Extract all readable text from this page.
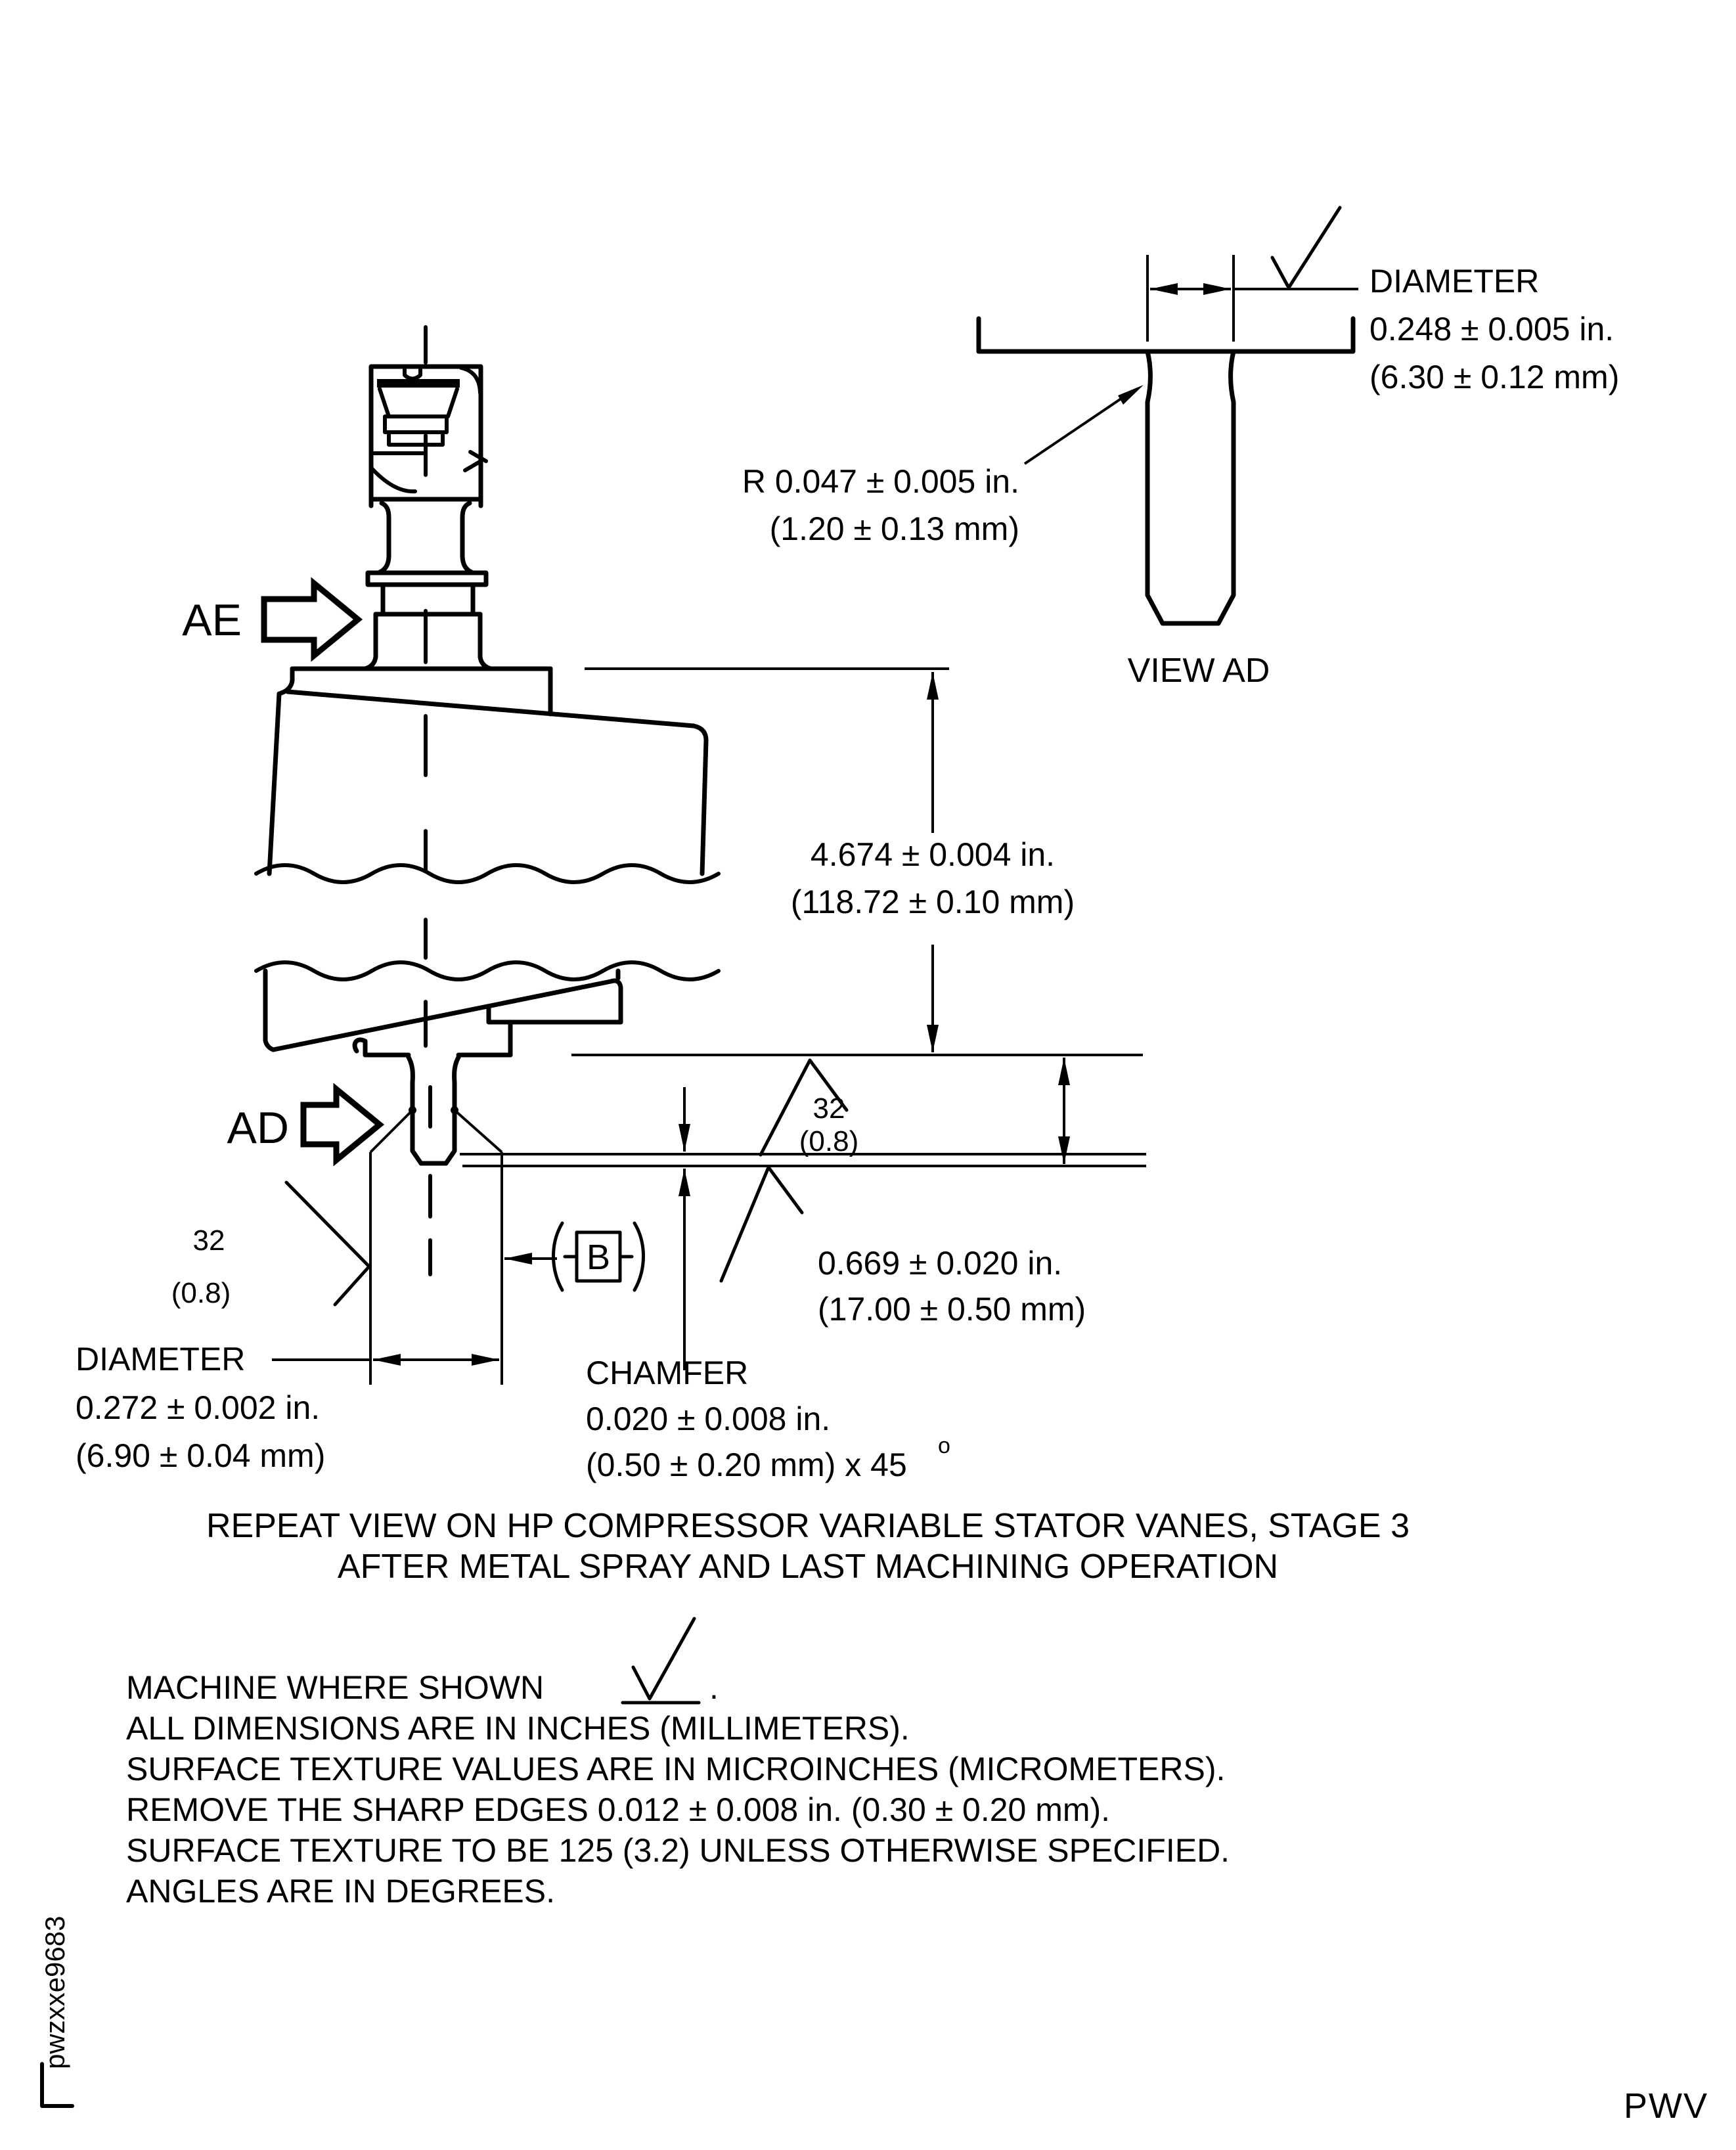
4.674 ± 0.004 in.
(118.72 ± 0.10 mm)
0.669 ± 0.020 in.
(17.00 ± 0.50 mm)
CHAMFER
0.020 ± 0.008 in.
(0.50 ± 0.20 mm) x 45
o
DIAMETER
0.272 ± 0.002 in.
(6.90 ± 0.04 mm)
32
(0.8)
32
(0.8)
B
AE
AD
DIAMETER
0.248 ± 0.005 in.
(6.30 ± 0.12 mm)
R 0.047 ± 0.005 in.
(1.20 ± 0.13 mm)
VIEW AD
REPEAT VIEW ON HP COMPRESSOR VARIABLE STATOR VANES, STAGE 3
AFTER METAL SPRAY AND LAST MACHINING OPERATION
MACHINE WHERE SHOWN	.
ALL DIMENSIONS ARE IN INCHES (MILLIMETERS).
SURFACE TEXTURE VALUES ARE IN MICROINCHES (MICROMETERS).
REMOVE THE SHARP EDGES 0.012 ± 0.008 in. (0.30 ± 0.20 mm).
SURFACE TEXTURE TO BE 125 (3.2) UNLESS OTHERWISE SPECIFIED.
ANGLES ARE IN DEGREES.
pwzxxe9683
PWV
